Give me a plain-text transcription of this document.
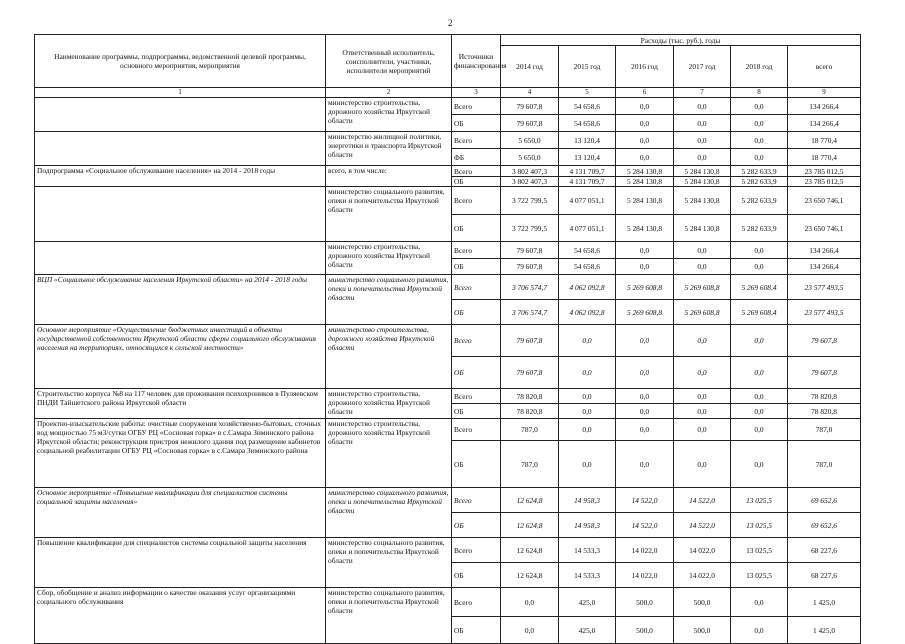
2
Наименование программы, подпрограммы, ведомственной целевой программы, основного мероприятия, мероприятия	Ответственный исполнитель, соисполнители, участники, исполнители мероприятий	Источники финансирования	Расходы (тыс. руб.), годы					
			2014 год	2015 год	2016 год	2017 год	2018 год	всего
1	2	3	4	5	6	7	8	9
	министерство строительства, дорожного хозяйства Иркутской области	Всего	79 607,8	54 658,6	0,0	0,0	0,0	134 266,4
		ОБ	79 607,8	54 658,6	0,0	0,0	0,0	134 266,4
	министерство жилищной политики, энергетики и транспорта Иркутской области	Всего	5 650,0	13 120,4	0,0	0,0	0,0	18 770,4
		ФБ	5 650,0	13 120,4	0,0	0,0	0,0	18 770,4
Подпрограмма «Социальное обслуживание населения» на 2014 - 2018 годы	всего, в том числе:	Всего	3 802 407,3	4 131 709,7	5 284 130,8	5 284 130,8	5 282 633,9	23 785 012,5
		ОБ	3 802 407,3	4 131 709,7	5 284 130,8	5 284 130,8	5 282 633,9	23 785 012,5
	министерство социального развития, опеки и попечительства Иркутской области	Всего	3 722 799,5	4 077 051,1	5 284 130,8	5 284 130,8	5 282 633,9	23 650 746,1
		ОБ	3 722 799,5	4 077 051,1	5 284 130,8	5 284 130,8	5 282 633,9	23 650 746,1
	министерство строительства, дорожного хозяйства Иркутской области	Всего	79 607,8	54 658,6	0,0	0,0	0,0	134 266,4
		ОБ	79 607,8	54 658,6	0,0	0,0	0,0	134 266,4
ВЦП «Социальное обслуживание населения Иркутской области» на 2014 - 2018 годы	министерство социального развития, опеки и попечительства Иркутской области	Всего	3 706 574,7	4 062 092,8	5 269 608,8	5 269 608,8	5 269 608,4	23 577 493,5
		ОБ	3 706 574,7	4 062 092,8	5 269 608,8	5 269 608,8	5 269 608,4	23 577 493,5
Основное мероприятие «Осуществление бюджетных инвестиций в объекты государственной собственности Иркутской области сферы социального обслуживания населения на территориях, относящихся к сельской местности»	министерство строительства, дорожного хозяйства Иркутской области	Всего	79 607,8	0,0	0,0	0,0	0,0	79 607,8
		ОБ	79 607,8	0,0	0,0	0,0	0,0	79 607,8
Строительство корпуса №8 на 117 человек для проживания психохроников в Пуляевском ПНДИ Тайшетского района Иркутской области	министерство строительства, дорожного хозяйства Иркутской области	Всего	78 820,8	0,0	0,0	0,0	0,0	78 820,8
		ОБ	78 820,8	0,0	0,0	0,0	0,0	78 820,8
Проектно-изыскательские работы: очистные сооружения хозяйственно-бытовых, сточных вод мощностью 75 м3/сутки ОГБУ РЦ «Сосновая горка» в с.Самара Зиминского района Иркутской области; реконструкция пристроя нежилого здания под размещение кабинетов социальной реабилитации ОГБУ РЦ «Сосновая горка» в с.Самара Зиминского района	министерство строительства, дорожного хозяйства Иркутской области	Всего	787,0	0,0	0,0	0,0	0,0	787,0
		ОБ	787,0	0,0	0,0	0,0	0,0	787,0
Основное мероприятие «Повышение квалификации для специалистов системы социальной защиты населения»	министерство социального развития, опеки и попечительства Иркутской области	Всего	12 624,8	14 958,3	14 522,0	14 522,0	13 025,5	69 652,6
		ОБ	12 624,8	14 958,3	14 522,0	14 522,0	13 025,5	69 652,6
Повышение квалификации для специалистов системы социальной защиты населения	министерство социального развития, опеки и попечительства Иркутской области	Всего	12 624,8	14 533,3	14 022,0	14 022,0	13 025,5	68 227,6
		ОБ	12 624,8	14 533,3	14 022,0	14 022,0	13 025,5	68 227,6
Сбор, обобщение и анализ информации о качестве оказания услуг организациями социального обслуживания	министерство социального развития, опеки и попечительства Иркутской области	Всего	0,0	425,0	500,0	500,0	0,0	1 425,0
		ОБ	0,0	425,0	500,0	500,0	0,0	1 425,0
